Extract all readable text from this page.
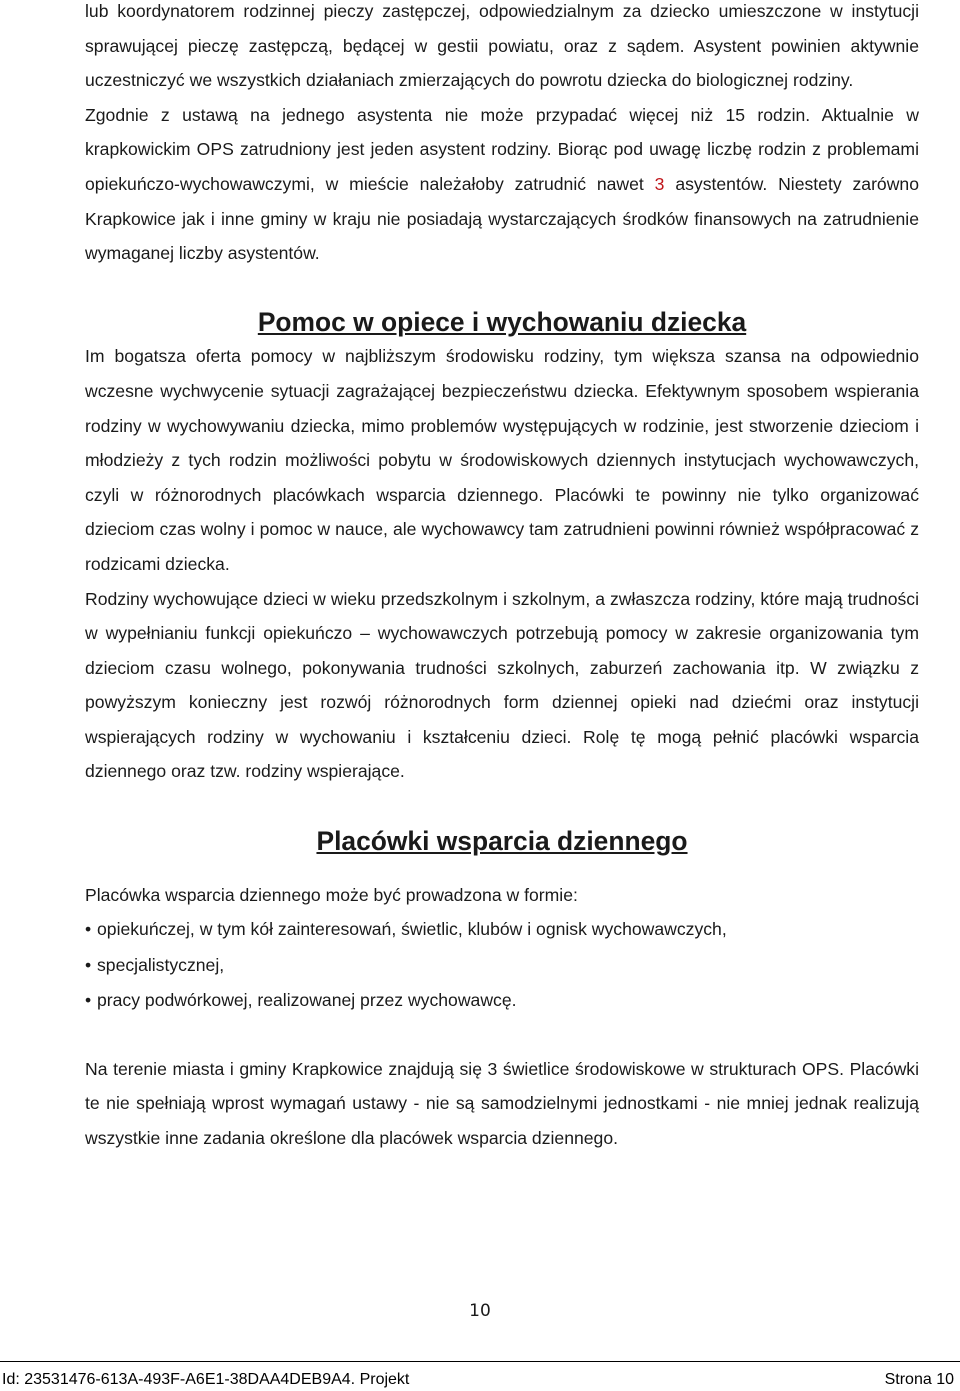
lub koordynatorem rodzinnej pieczy zastępczej, odpowiedzialnym za dziecko umieszczone w instytucji sprawującej pieczę zastępczą, będącej w gestii powiatu, oraz z sądem. Asystent powinien aktywnie uczestniczyć we wszystkich działaniach zmierzających do powrotu dziecka do biologicznej rodziny.

Zgodnie z ustawą na jednego asystenta nie może przypadać więcej niż 15 rodzin. Aktualnie w krapkowickim OPS zatrudniony jest jeden asystent rodziny. Biorąc pod uwagę liczbę rodzin z problemami opiekuńczo-wychowawczymi, w mieście należałoby zatrudnić nawet 3 asystentów. Niestety zarówno Krapkowice jak i inne gminy w kraju nie posiadają wystarczających środków finansowych na zatrudnienie wymaganej liczby asystentów.

Pomoc w opiece i wychowaniu dziecka

Im bogatsza oferta pomocy w najbliższym środowisku rodziny, tym większa szansa na odpowiednio wczesne wychwycenie sytuacji zagrażającej bezpieczeństwu dziecka. Efektywnym sposobem wspierania rodziny w wychowywaniu dziecka, mimo problemów występujących w rodzinie, jest stworzenie dzieciom i młodzieży z tych rodzin możliwości pobytu w środowiskowych dziennych instytucjach wychowawczych, czyli w różnorodnych placówkach wsparcia dziennego. Placówki te powinny nie tylko organizować dzieciom czas wolny i pomoc w nauce, ale wychowawcy tam zatrudnieni powinni również współpracować z rodzicami dziecka.

Rodziny wychowujące dzieci w wieku przedszkolnym i szkolnym, a zwłaszcza rodziny, które mają trudności w wypełnianiu funkcji opiekuńczo – wychowawczych potrzebują pomocy w zakresie organizowania tym dzieciom czasu wolnego, pokonywania trudności szkolnych, zaburzeń zachowania itp. W związku z powyższym konieczny jest rozwój różnorodnych form dziennej opieki nad dziećmi oraz instytucji wspierających rodziny w wychowaniu i kształceniu dzieci. Rolę tę mogą pełnić placówki wsparcia dziennego oraz tzw. rodziny wspierające.

Placówki wsparcia dziennego

Placówka wsparcia dziennego może być prowadzona w formie:

• opiekuńczej, w tym kół zainteresowań, świetlic, klubów i ognisk wychowawczych,
• specjalistycznej,
• pracy podwórkowej, realizowanej przez wychowawcę.

Na terenie miasta i gminy Krapkowice znajdują się 3 świetlice środowiskowe w strukturach OPS. Placówki te nie spełniają wprost wymagań ustawy - nie są samodzielnymi jednostkami - nie mniej jednak realizują wszystkie inne zadania określone dla placówek wsparcia dziennego.

10
Id: 23531476-613A-493F-A6E1-38DAA4DEB9A4. Projekt	Strona 10
